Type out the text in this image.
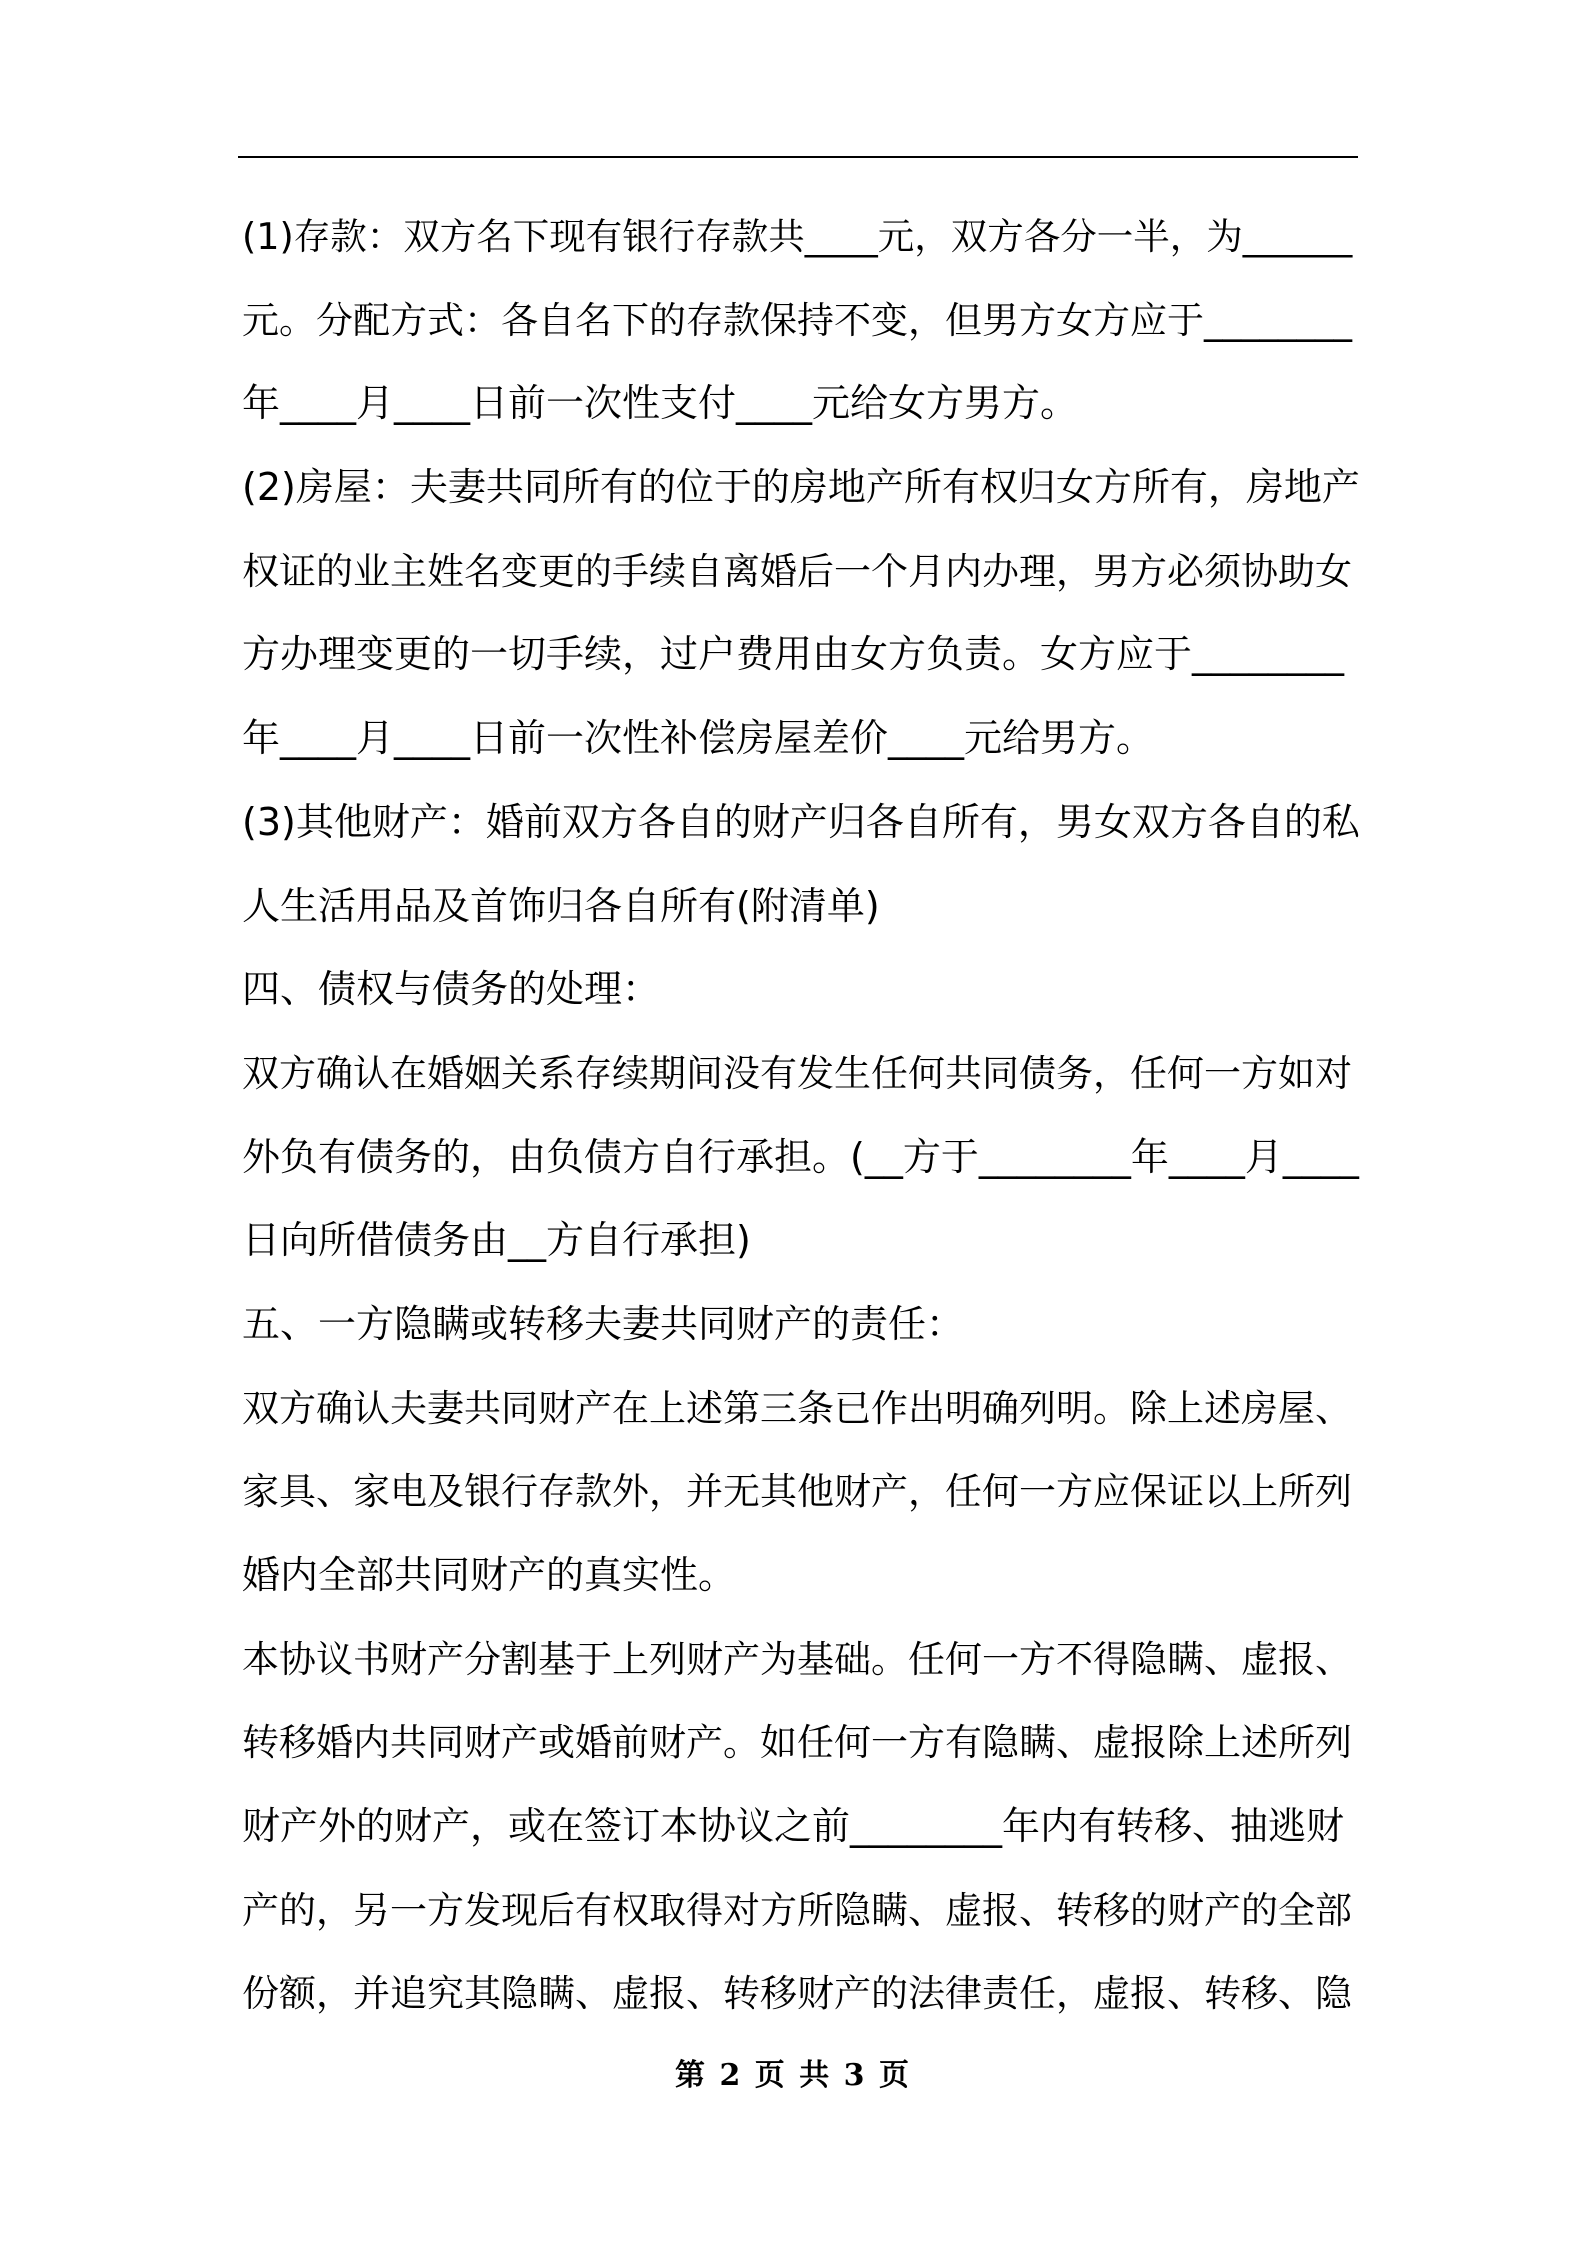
(1)存款：双方名下现有银行存款共____元，双方各分一半，为______
元。分配方式：各自名下的存款保持不变，但男方女方应于________
年____月____日前一次性支付____元给女方男方。
(2)房屋：夫妻共同所有的位于的房地产所有权归女方所有，房地产
权证的业主姓名变更的手续自离婚后一个月内办理，男方必须协助女
方办理变更的一切手续，过户费用由女方负责。女方应于________
年____月____日前一次性补偿房屋差价____元给男方。
(3)其他财产：婚前双方各自的财产归各自所有，男女双方各自的私
人生活用品及首饰归各自所有(附清单)
四、债权与债务的处理：
双方确认在婚姻关系存续期间没有发生任何共同债务，任何一方如对
外负有债务的，由负债方自行承担。(__方于________年____月____
日向所借债务由__方自行承担)
五、一方隐瞒或转移夫妻共同财产的责任：
双方确认夫妻共同财产在上述第三条已作出明确列明。除上述房屋、
家具、家电及银行存款外，并无其他财产，任何一方应保证以上所列
婚内全部共同财产的真实性。
本协议书财产分割基于上列财产为基础。任何一方不得隐瞒、虚报、
转移婚内共同财产或婚前财产。如任何一方有隐瞒、虚报除上述所列
财产外的财产，或在签订本协议之前________年内有转移、抽逃财
产的，另一方发现后有权取得对方所隐瞒、虚报、转移的财产的全部
份额，并追究其隐瞒、虚报、转移财产的法律责任，虚报、转移、隐
第 2 页 共 3 页
